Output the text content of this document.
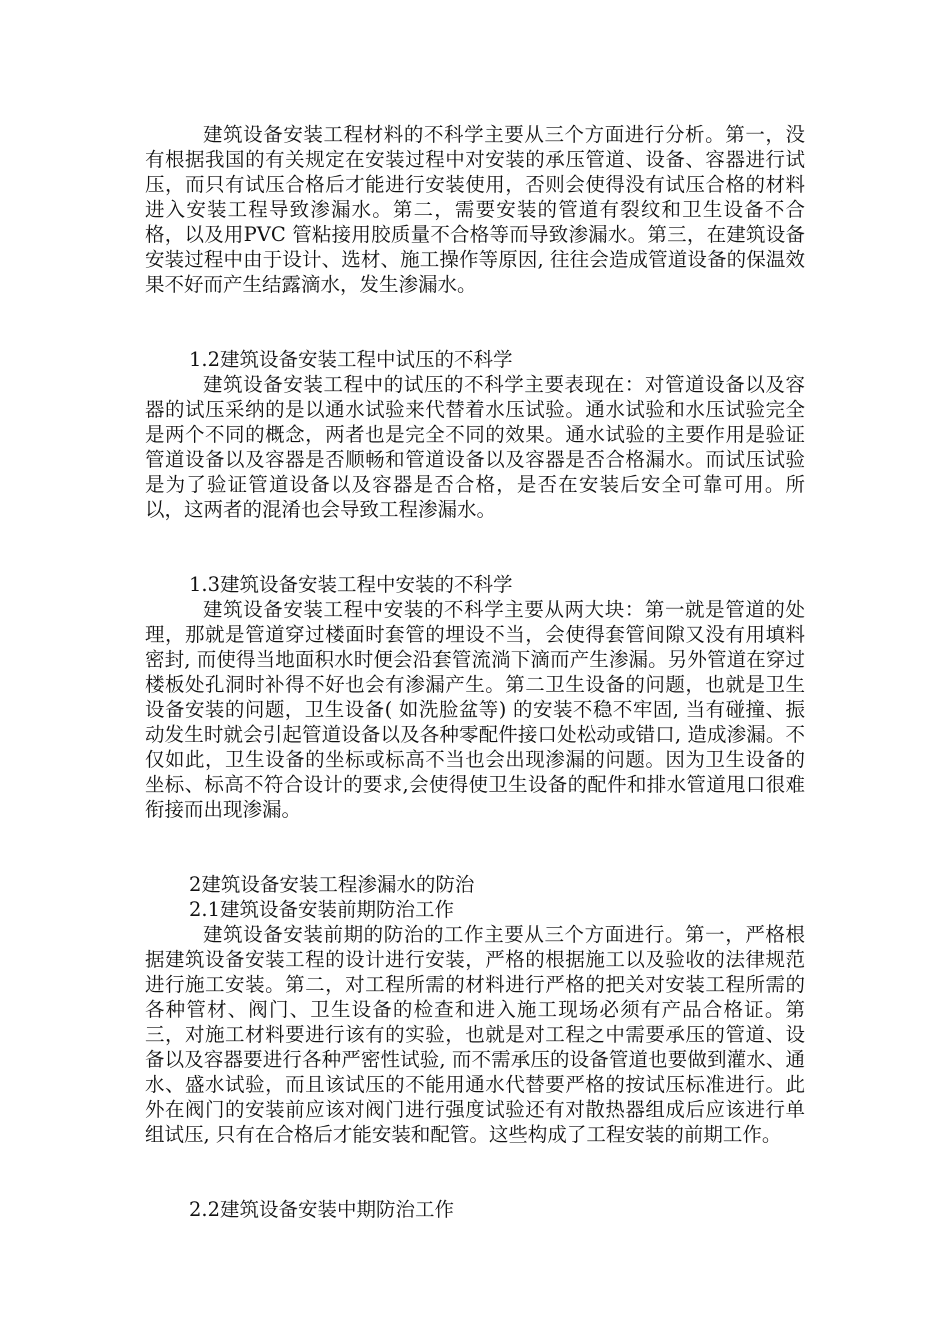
建筑设备安装工程材料的不科学主要从三个方面进行分析。第一，没有根据我国的有关规定在安装过程中对安装的承压管道、设备、容器进行试压，而只有试压合格后才能进行安装使用，否则会使得没有试压合格的材料进入安装工程导致渗漏水。第二，需要安装的管道有裂纹和卫生设备不合格，以及用PVC 管粘接用胶质量不合格等而导致渗漏水。第三，在建筑设备安装过程中由于设计、选材、施工操作等原因, 往往会造成管道设备的保温效果不好而产生结露滴水，发生渗漏水。

1.2建筑设备安装工程中试压的不科学

建筑设备安装工程中的试压的不科学主要表现在：对管道设备以及容器的试压采纳的是以通水试验来代替着水压试验。通水试验和水压试验完全是两个不同的概念，两者也是完全不同的效果。通水试验的主要作用是验证管道设备以及容器是否顺畅和管道设备以及容器是否合格漏水。而试压试验是为了验证管道设备以及容器是否合格，是否在安装后安全可靠可用。所以，这两者的混淆也会导致工程渗漏水。

1.3建筑设备安装工程中安装的不科学

建筑设备安装工程中安装的不科学主要从两大块：第一就是管道的处理，那就是管道穿过楼面时套管的埋设不当，会使得套管间隙又没有用填料密封, 而使得当地面积水时便会沿套管流淌下滴而产生渗漏。另外管道在穿过楼板处孔洞时补得不好也会有渗漏产生。第二卫生设备的问题，也就是卫生设备安装的问题，卫生设备( 如洗脸盆等) 的安装不稳不牢固, 当有碰撞、振动发生时就会引起管道设备以及各种零配件接口处松动或错口, 造成渗漏。不仅如此，卫生设备的坐标或标高不当也会出现渗漏的问题。因为卫生设备的坐标、标高不符合设计的要求,会使得使卫生设备的配件和排水管道甩口很难衔接而出现渗漏。

2建筑设备安装工程渗漏水的防治

2.1建筑设备安装前期防治工作

建筑设备安装前期的防治的工作主要从三个方面进行。第一，严格根据建筑设备安装工程的设计进行安装，严格的根据施工以及验收的法律规范进行施工安装。第二，对工程所需的材料进行严格的把关对安装工程所需的各种管材、阀门、卫生设备的检查和进入施工现场必须有产品合格证。第三，对施工材料要进行该有的实验，也就是对工程之中需要承压的管道、设备以及容器要进行各种严密性试验, 而不需承压的设备管道也要做到灌水、通水、盛水试验，而且该试压的不能用通水代替要严格的按试压标准进行。此外在阀门的安装前应该对阀门进行强度试验还有对散热器组成后应该进行单组试压, 只有在合格后才能安装和配管。这些构成了工程安装的前期工作。

2.2建筑设备安装中期防治工作
